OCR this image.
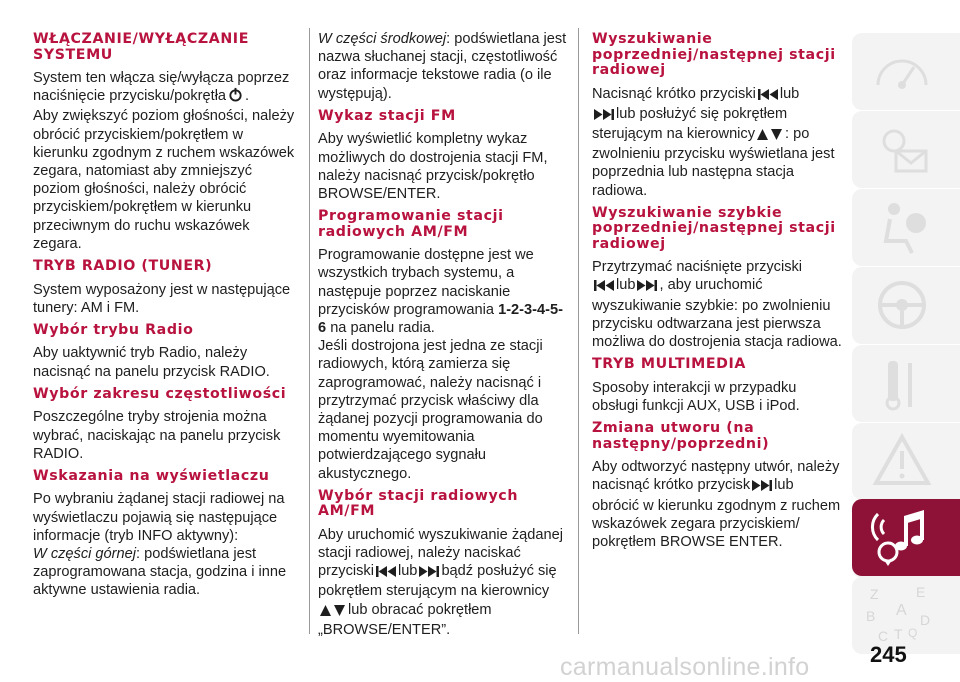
WŁĄCZANIE/WYŁĄCZANIE SYSTEMU

System ten włącza się/wyłącza poprzez naciśnięcie przycisku/pokrętła .

Aby zwiększyć poziom głośności, należy obrócić przyciskiem/pokrętłem w kierunku zgodnym z ruchem wskazówek zegara, natomiast aby zmniejszyć poziom głośności, należy obrócić przyciskiem/pokrętłem w kierunku przeciwnym do ruchu wskazówek zegara.

TRYB RADIO (TUNER)

System wyposażony jest w następujące tunery: AM i FM.

Wybór trybu Radio

Aby uaktywnić tryb Radio, należy nacisnąć na panelu przycisk RADIO.

Wybór zakresu częstotliwości

Poszczególne tryby strojenia można wybrać, naciskając na panelu przycisk RADIO.

Wskazania na wyświetlaczu

Po wybraniu żądanej stacji radiowej na wyświetlaczu pojawią się następujące informacje (tryb INFO aktywny):

W części górnej: podświetlana jest zaprogramowana stacja, godzina i inne aktywne ustawienia radia.

W części środkowej: podświetlana jest nazwa słuchanej stacji, częstotliwość oraz informacje tekstowe radia (o ile występują).

Wykaz stacji FM

Aby wyświetlić kompletny wykaz możliwych do dostrojenia stacji FM, należy nacisnąć przycisk/pokrętło BROWSE/ENTER.

Programowanie stacji radiowych AM/FM

Programowanie dostępne jest we wszystkich trybach systemu, a następuje poprzez naciskanie przycisków programowania 1-2-3-4-5-6 na panelu radia.

Jeśli dostrojona jest jedna ze stacji radiowych, którą zamierza się zaprogramować, należy nacisnąć i przytrzymać przycisk właściwy dla żądanej pozycji programowania do momentu wyemitowania potwierdzającego sygnału akustycznego.

Wybór stacji radiowych AM/FM

Aby uruchomić wyszukiwanie żądanej stacji radiowej, należy naciskać przyciski lub bądź posłużyć się pokrętłem sterującym na kierownicy
lub obracać pokrętłem „BROWSE/ENTER”.

Wyszukiwanie poprzedniej/następnej stacji radiowej

Nacisnąć krótko przyciski lub
lub posłużyć się pokrętłem sterującym na kierownicy : po zwolnieniu przycisku wyświetlana jest poprzednia lub następna stacja radiowa.

Wyszukiwanie szybkie poprzedniej/następnej stacji radiowej

Przytrzymać naciśnięte przyciski
lub , aby uruchomić wyszukiwanie szybkie: po zwolnieniu przycisku odtwarzana jest pierwsza możliwa do dostrojenia stacja radiowa.

TRYB MULTIMEDIA

Sposoby interakcji w przypadku obsługi funkcji AUX, USB i iPod.

Zmiana utworu (na następny/poprzedni)

Aby odtworzyć następny utwór, należy nacisnąć krótko przycisk lub obrócić w kierunku zgodnym z ruchem wskazówek zegara przyciskiem/ pokrętłem BROWSE ENTER.

Z	E
B A
C T
D
Q
245
carmanualsonline.info
